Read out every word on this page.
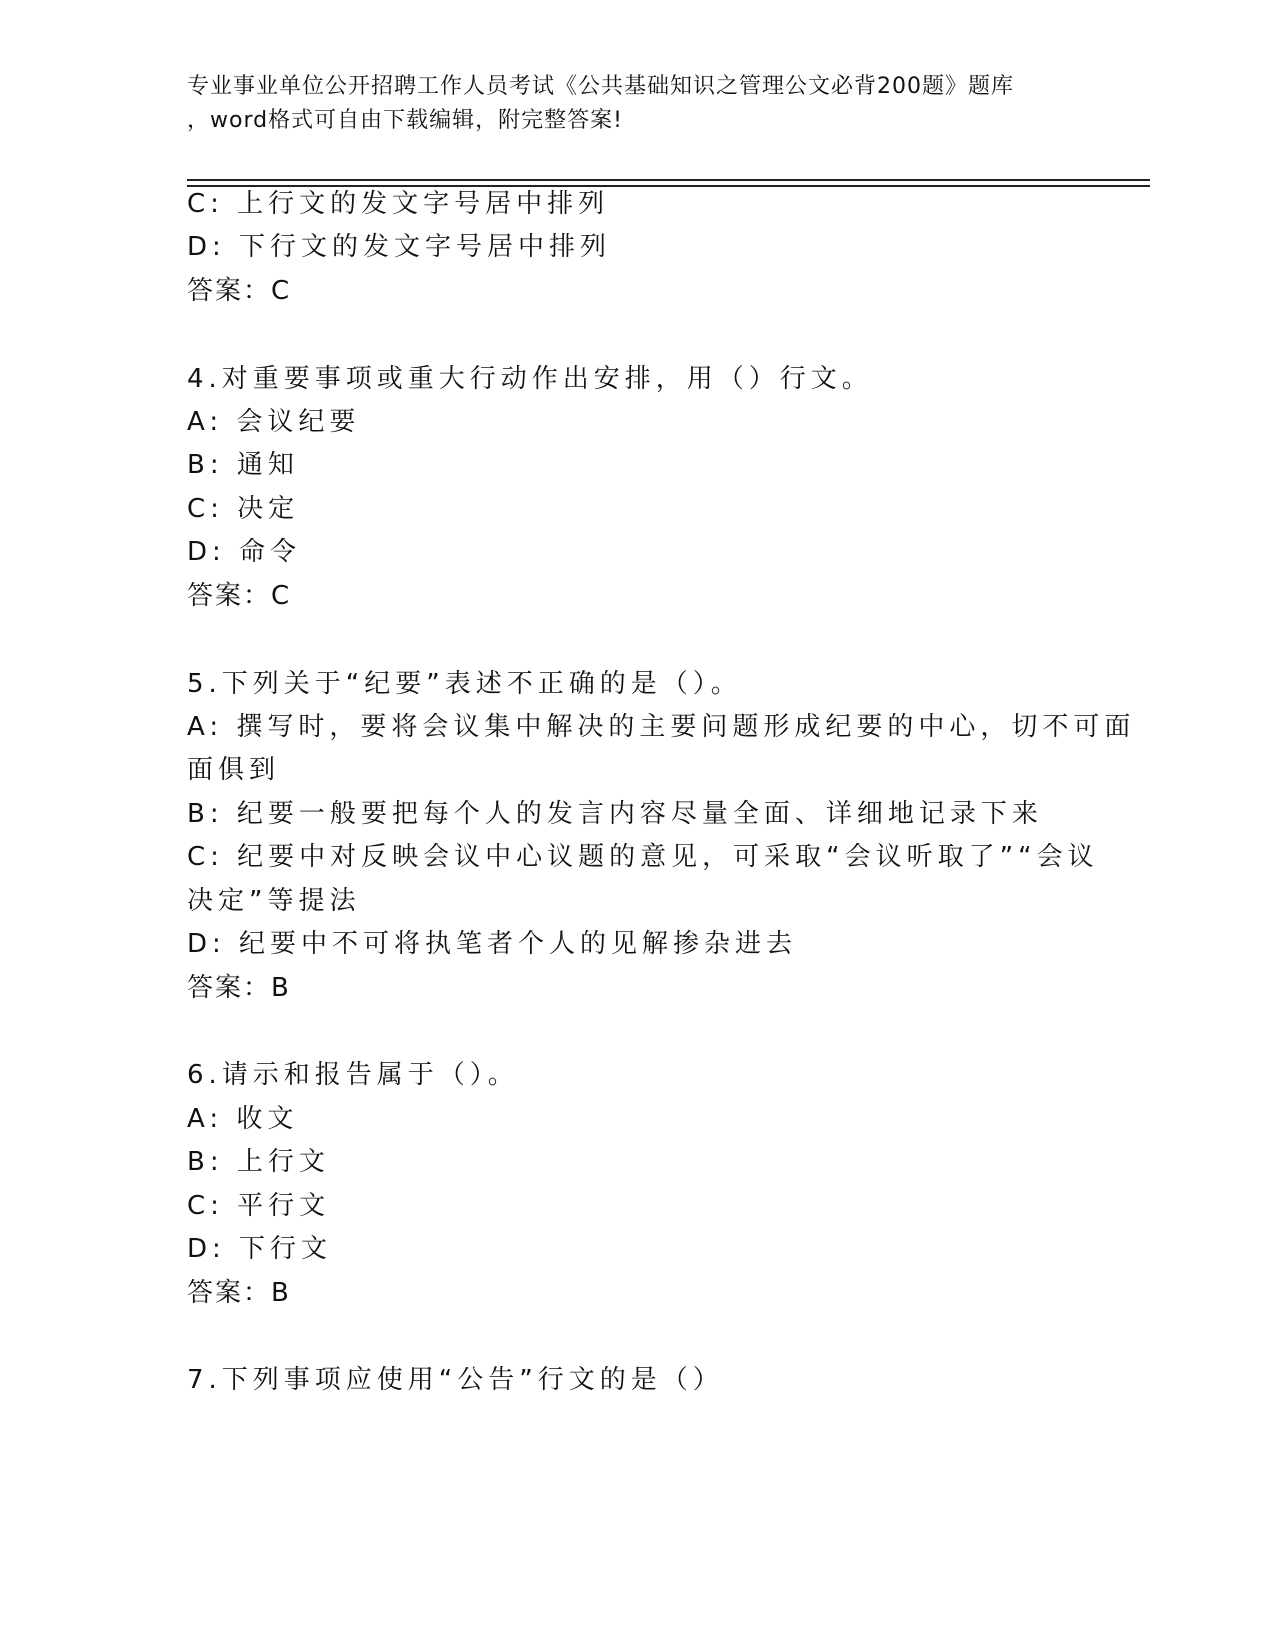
专业事业单位公开招聘工作人员考试《公共基础知识之管理公文必背200题》题库
，word格式可自由下载编辑，附完整答案!
C: 上行文的发文字号居中排列
D: 下行文的发文字号居中排列
答案：C
4.对重要事项或重大行动作出安排，用（）行文。
A: 会议纪要
B: 通知
C: 决定
D: 命令
答案：C
5.下列关于“纪要”表述不正确的是（）。
A: 撰写时，要将会议集中解决的主要问题形成纪要的中心，切不可面
面俱到
B: 纪要一般要把每个人的发言内容尽量全面、详细地记录下来
C: 纪要中对反映会议中心议题的意见，可采取“会议听取了”“会议
决定”等提法
D: 纪要中不可将执笔者个人的见解掺杂进去
答案：B
6.请示和报告属于（）。
A: 收文
B: 上行文
C: 平行文
D: 下行文
答案：B
7.下列事项应使用“公告”行文的是（）
